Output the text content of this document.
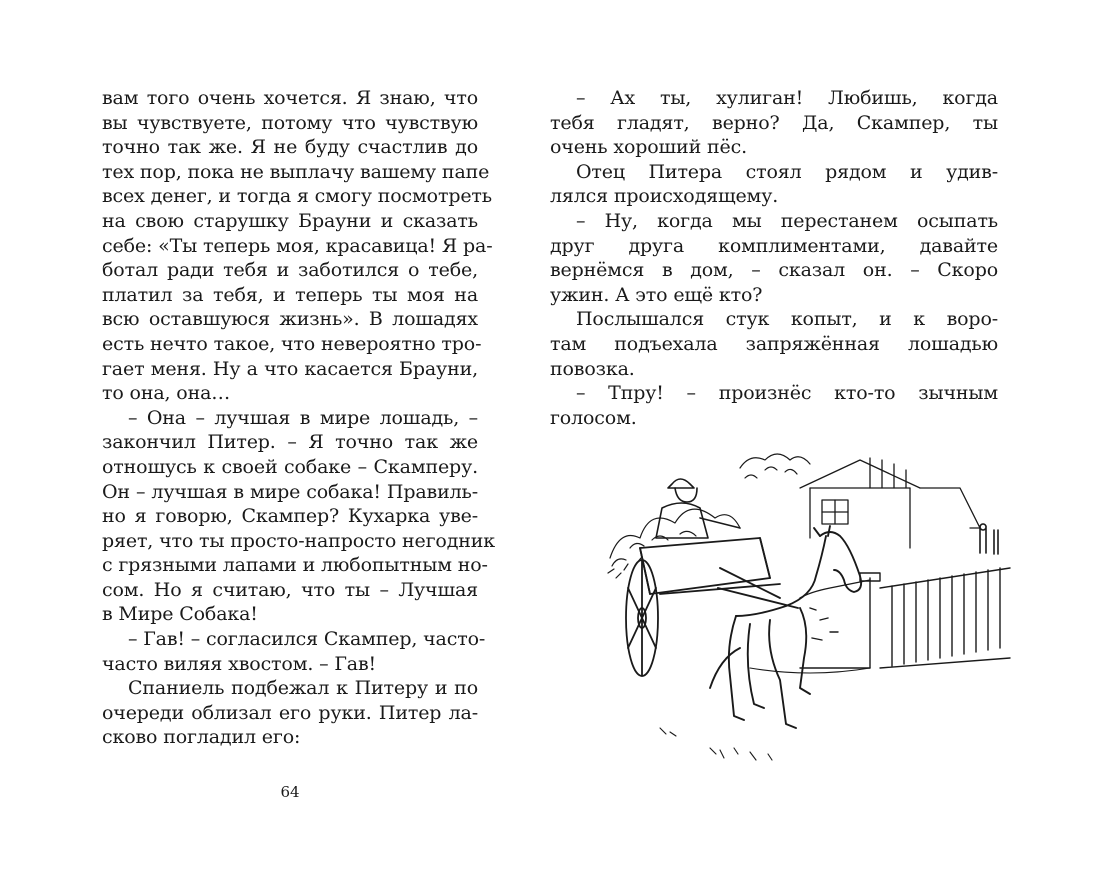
вам того очень хочется. Я знаю, что
вы чувствуете, потому что чувствую
точно так же. Я не буду счастлив до
тех пор, пока не выплачу вашему папе
всех денег, и тогда я смогу посмотреть
на свою старушку Брауни и сказать
себе: «Ты теперь моя, красавица! Я ра-
ботал ради тебя и заботился о тебе,
платил за тебя, и теперь ты моя на
всю оставшуюся жизнь». В лошадях
есть нечто такое, что невероятно тро-
гает меня. Ну а что касается Брауни,
то она, она…
– Она – лучшая в мире лошадь, –
закончил Питер. – Я точно так же
отношусь к своей собаке – Скамперу.
Он – лучшая в мире собака! Правиль-
но я говорю, Скампер? Кухарка уве-
ряет, что ты просто-напросто негодник
с грязными лапами и любопытным но-
сом. Но я считаю, что ты – Лучшая
в Мире Собака!
– Гав! – согласился Скампер, часто-
часто виляя хвостом. – Гав!
Спаниель подбежал к Питеру и по
очереди облизал его руки. Питер ла-
сково погладил его:
64
– Ах ты, хулиган! Любишь, когда
тебя гладят, верно? Да, Скампер, ты
очень хороший пёс.
Отец Питера стоял рядом и удив-
лялся происходящему.
– Ну, когда мы перестанем осыпать
друг друга комплиментами, давайте
вернёмся в дом, – сказал он. – Скоро
ужин. А это ещё кто?
Послышался стук копыт, и к воро-
там подъехала запряжённая лошадью
повозка.
– Тпру! – произнёс кто-то зычным
голосом.
